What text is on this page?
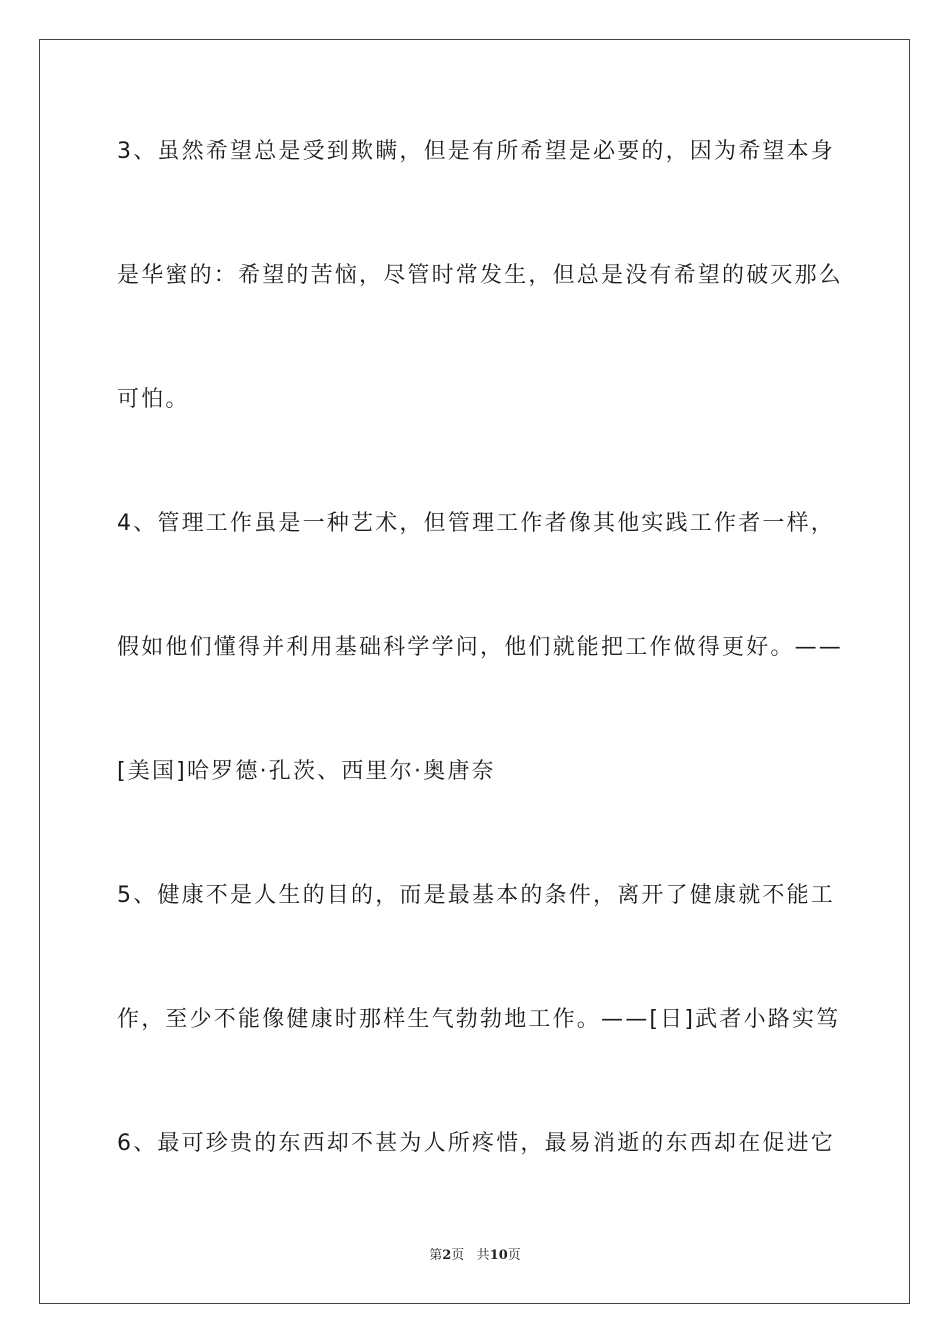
3、虽然希望总是受到欺瞒，但是有所希望是必要的，因为希望本身
是华蜜的：希望的苦恼，尽管时常发生，但总是没有希望的破灭那么
可怕。
4、管理工作虽是一种艺术，但管理工作者像其他实践工作者一样，
假如他们懂得并利用基础科学学问，他们就能把工作做得更好。——
[美国]哈罗德·孔茨、西里尔·奥唐奈
5、健康不是人生的目的，而是最基本的条件，离开了健康就不能工
作，至少不能像健康时那样生气勃勃地工作。——[日]武者小路实笃
6、最可珍贵的东西却不甚为人所疼惜，最易消逝的东西却在促进它
第2页 共10页
